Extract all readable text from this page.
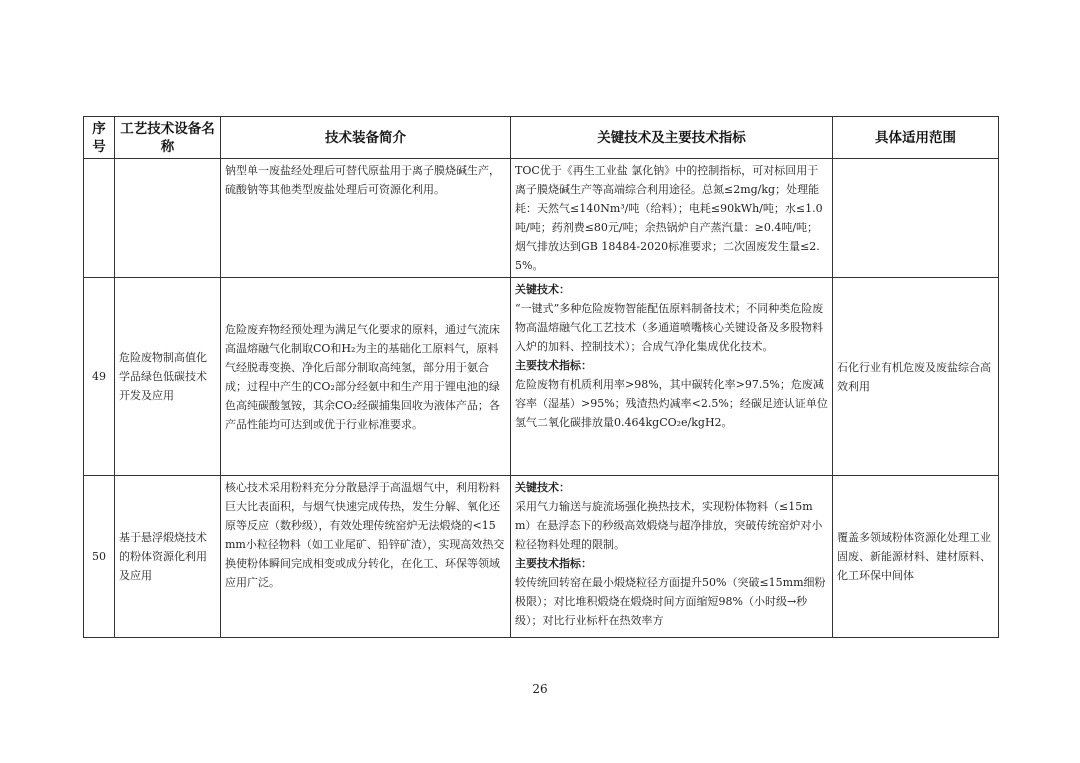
序号	工艺技术设备名称	技术装备简介	关键技术及主要技术指标	具体适用范围
		钠型单一废盐经处理后可替代原盐用于离子膜烧碱生产，硫酸钠等其他类型废盐处理后可资源化利用。	TOC优于《再生工业盐 氯化钠》中的控制指标，可对标回用于离子膜烧碱生产等高端综合利用途径。总氮≤2mg/kg；处理能耗：天然气≤140Nm³/吨（给料）；电耗≤90kWh/吨；水≤1.0吨/吨；药剂费≤80元/吨；余热锅炉自产蒸汽量：≥0.4吨/吨；烟气排放达到GB 18484-2020标准要求；二次固废发生量≤2.5%。	

49	危险废物制高值化学品绿色低碳技术开发及应用	危险废弃物经预处理为满足气化要求的原料，通过气流床高温熔融气化制取CO和H₂为主的基础化工原料气，原料气经脱毒变换、净化后部分制取高纯氢，部分用于氨合成；过程中产生的CO₂部分经氨中和生产用于锂电池的绿色高纯碳酸氢铵，其余CO₂经碳捕集回收为液体产品；各产品性能均可达到或优于行业标准要求。	关键技术：
“一键式”多种危险废物智能配伍原料制备技术；不同种类危险废物高温熔融气化工艺技术（多通道喷嘴核心关键设备及多股物料入炉的加料、控制技术）；合成气净化集成优化技术。
主要技术指标：
危险废物有机质利用率>98%，其中碳转化率>97.5%；危废减容率（湿基）>95%；残渣热灼减率<2.5%；经碳足迹认证单位氢气二氧化碳排放量0.464kgCO₂e/kgH2。	石化行业有机危废及废盐综合高效利用
50	基于悬浮煅烧技术的粉体资源化利用及应用	核心技术采用粉料充分分散悬浮于高温烟气中，利用粉料巨大比表面积，与烟气快速完成传热，发生分解、氧化还原等反应（数秒级），有效处理传统窑炉无法煅烧的<15mm小粒径物料（如工业尾矿、铅锌矿渣），实现高效热交换使粉体瞬间完成相变或成分转化，在化工、环保等领域应用广泛。	关键技术：
采用气力输送与旋流场强化换热技术，实现粉体物料（≤15mm）在悬浮态下的秒级高效煅烧与超净排放，突破传统窑炉对小粒径物料处理的限制。
主要技术指标：
较传统回转窑在最小煅烧粒径方面提升50%（突破≤15mm细粉极限）；对比堆积煅烧在煅烧时间方面缩短98%（小时级→秒级）；对比行业标杆在热效率方	覆盖多领域粉体资源化处理工业固废、新能源材料、建材原料、化工环保中间体
26
